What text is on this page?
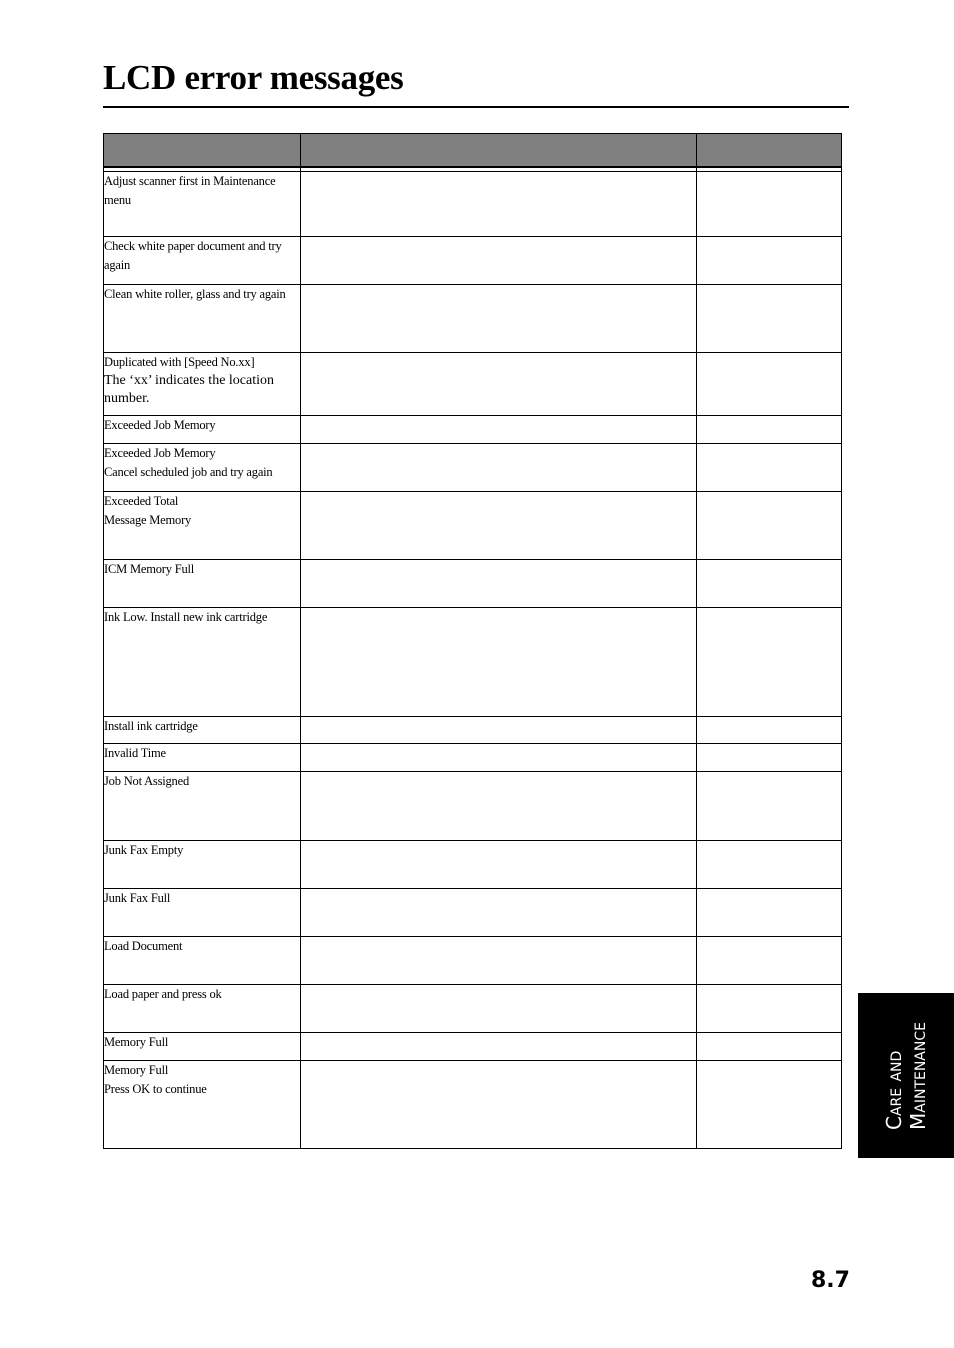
LCD error messages

Adjust scanner first in Maintenance
menu		

Check white paper document and try
again		

Clean white roller, glass and try again		

Duplicated with [Speed No.xx]
The ‘xx’ indicates the location
number.		

Exceeded Job Memory		

Exceeded Job Memory
Cancel scheduled job and try again		

Exceeded Total
Message Memory		

ICM Memory Full		

Ink Low. Install new ink cartridge		

Install ink cartridge		

Invalid Time		

Job Not Assigned		

Junk Fax Empty		

Junk Fax Full		

Load Document		

Load paper and press ok		

Memory Full		

Memory Full
Press OK to continue		
			Care and Maintenance
8.7
